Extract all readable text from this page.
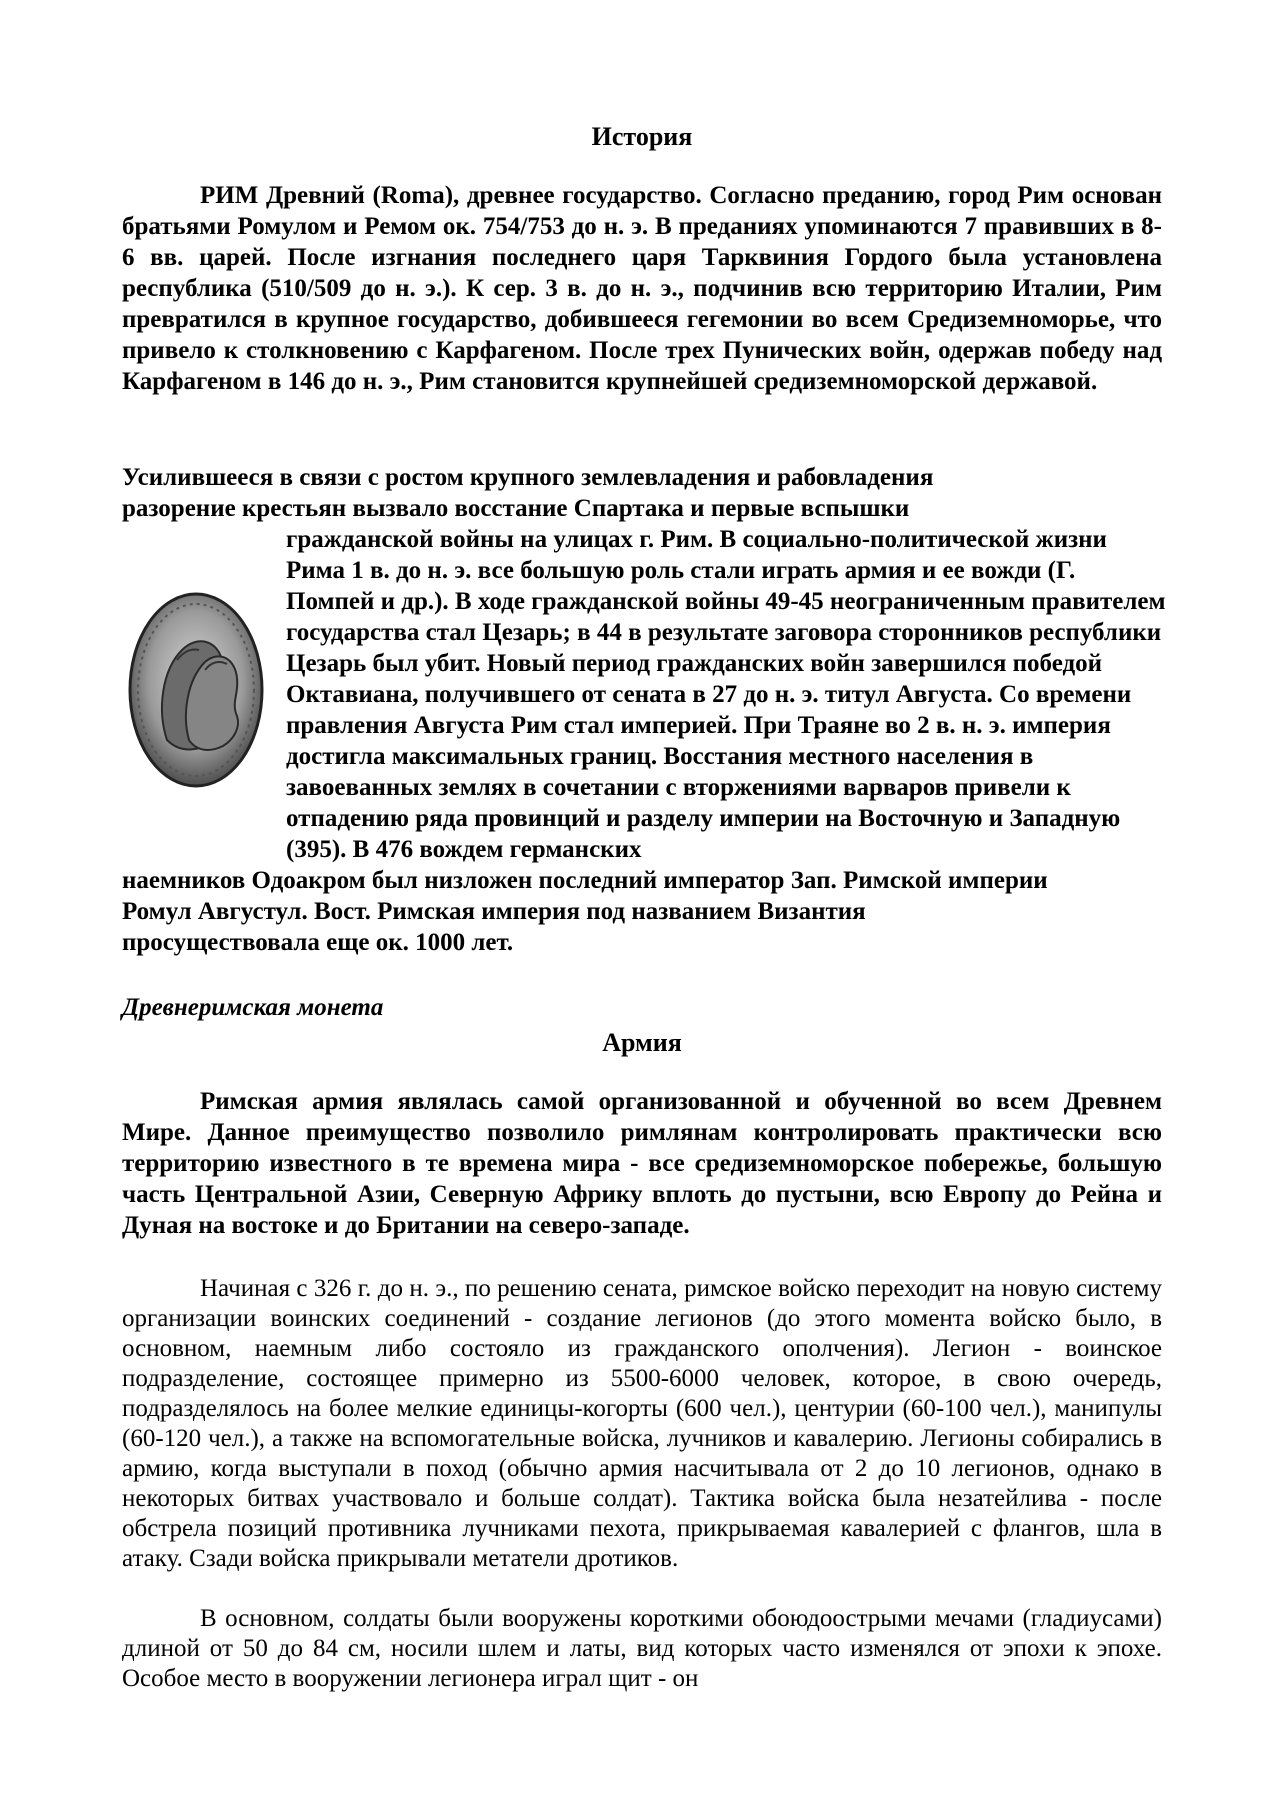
История

РИМ Древний (Roma), древнее государство. Согласно преданию, город Рим основан братьями Ромулом и Ремом ок. 754/753 до н. э. В преданиях упоминаются 7 правивших в 8-6 вв. царей. После изгнания последнего царя Тарквиния Гордого была установлена республика (510/509 до н. э.). К сер. 3 в. до н. э., подчинив всю территорию Италии, Рим превратился в крупное государство, добившееся гегемонии во всем Средиземноморье, что привело к столкновению с Карфагеном. После трех Пунических войн, одержав победу над Карфагеном в 146 до н. э., Рим становится крупнейшей средиземноморской державой.

Усилившееся в связи с ростом крупного землевладения и рабовладения
разорение крестьян вызвало восстание Спартака и первые вспышки
гражданской войны на улицах г. Рим. В социально-политической жизни Рима 1 в. до н. э. все большую роль стали играть армия и ее вожди (Г. Помпей и др.). В ходе гражданской войны 49-45 неограниченным правителем государства стал Цезарь; в 44 в результате заговора сторонников республики Цезарь был убит. Новый период гражданских войн завершился победой Октавиана, получившего от сената в 27 до н. э. титул Августа. Со времени правления Августа Рим стал империей. При Траяне во 2 в. н. э. империя достигла максимальных границ. Восстания местного населения в завоеванных землях в сочетании с вторжениями варваров привели к отпадению ряда провинций и разделу империи на Восточную и Западную (395). В 476 вождем германских
наемников Одоакром был низложен последний император Зап. Римской империи
Ромул Августул. Вост. Римская империя под названием Византия
просуществовала еще ок. 1000 лет.

Древнеримская монета

Армия

Римская армия являлась самой организованной и обученной во всем Древнем Мире. Данное преимущество позволило римлянам контролировать практически всю территорию известного в те времена мира - все средиземноморское побережье, большую часть Центральной Азии, Северную Африку вплоть до пустыни, всю Европу до Рейна и Дуная на востоке и до Британии на северо-западе.

Начиная с 326 г. до н. э., по решению сената, римское войско переходит на новую систему организации воинских соединений - создание легионов (до этого момента войско было, в основном, наемным либо состояло из гражданского ополчения). Легион - воинское подразделение, состоящее примерно из 5500-6000 человек, которое, в свою очередь, подразделялось на более мелкие единицы-когорты (600 чел.), центурии (60-100 чел.), манипулы (60-120 чел.), а также на вспомогательные войска, лучников и кавалерию. Легионы собирались в армию, когда выступали в поход (обычно армия насчитывала от 2 до 10 легионов, однако в некоторых битвах участвовало и больше солдат). Тактика войска была незатейлива - после обстрела позиций противника лучниками пехота, прикрываемая кавалерией с флангов, шла в атаку. Сзади войска прикрывали метатели дротиков.

В основном, солдаты были вооружены короткими обоюдоострыми мечами (гладиусами) длиной от 50 до 84 см, носили шлем и латы, вид которых часто изменялся от эпохи к эпохе. Особое место в вооружении легионера играл щит - он
